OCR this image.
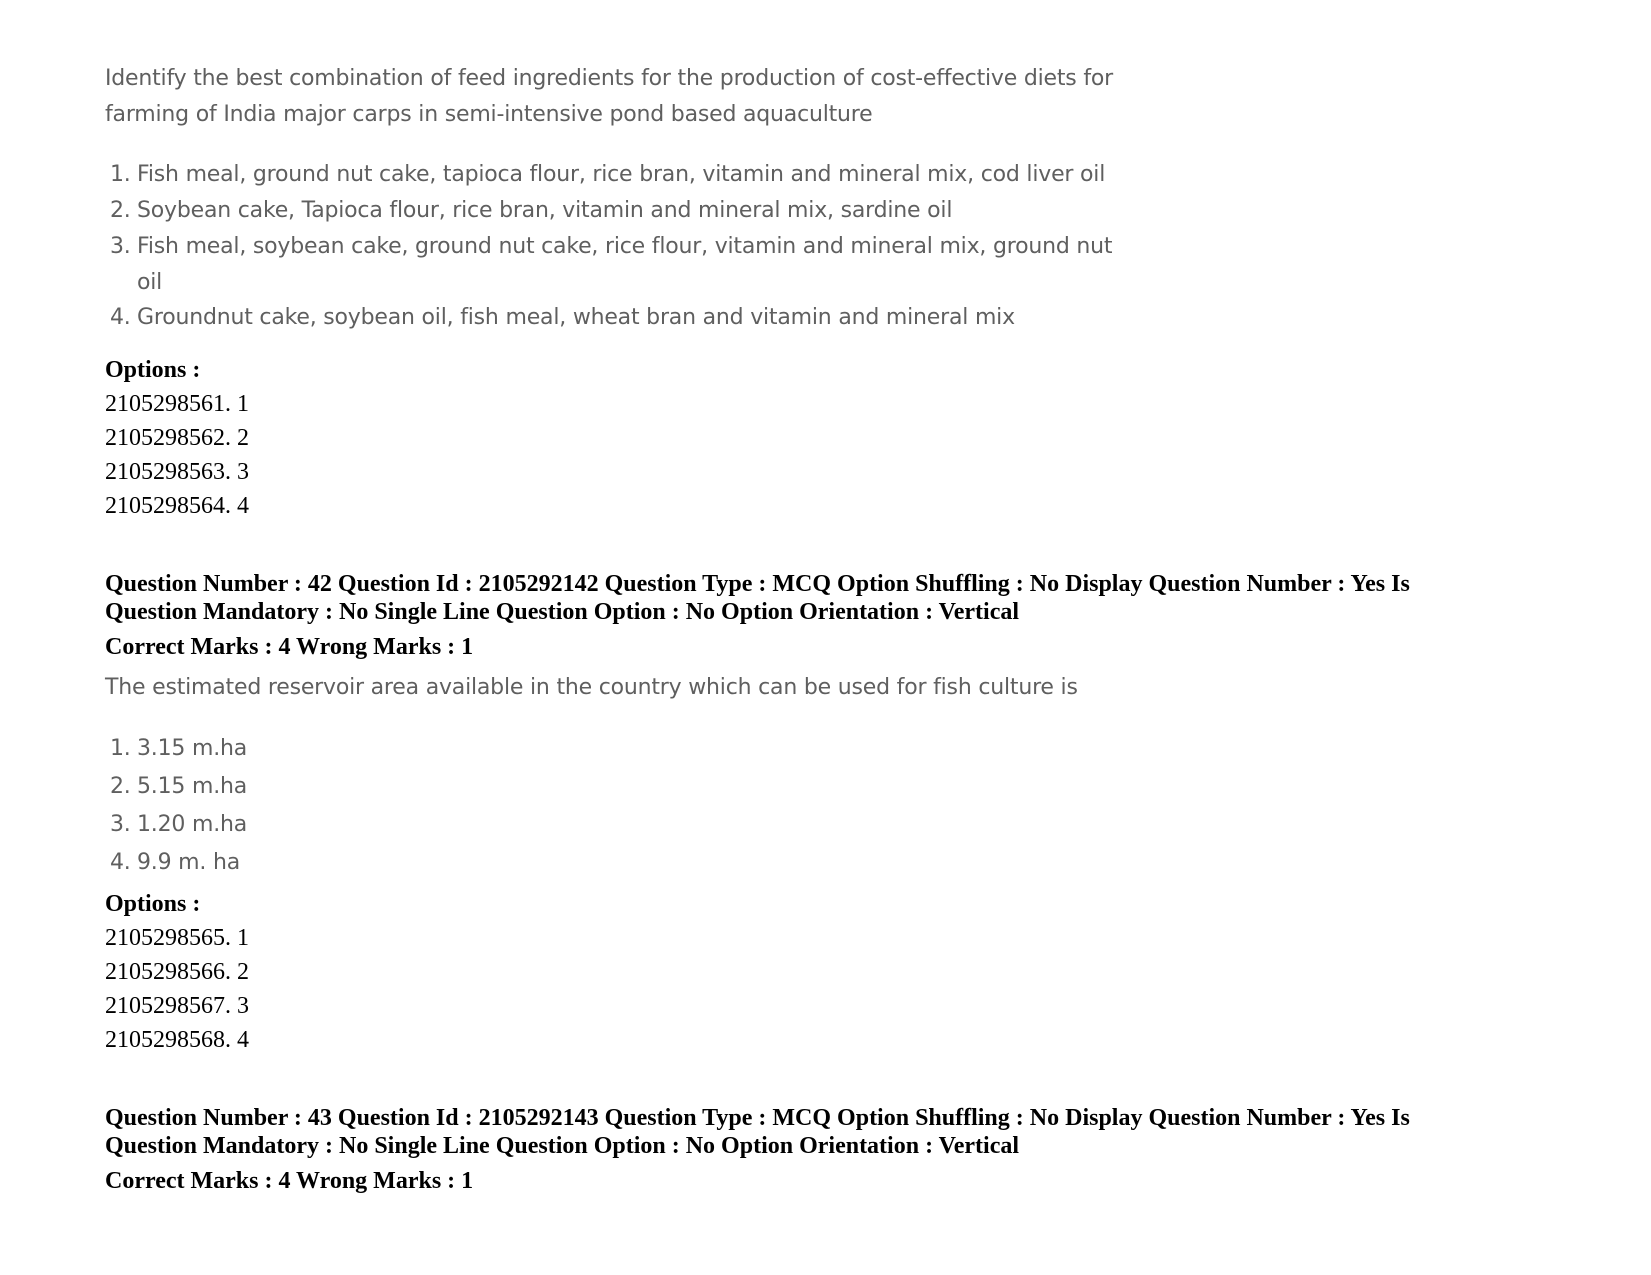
Identify the best combination of feed ingredients for the production of cost-effective diets for
farming of India major carps in semi-intensive pond based aquaculture
1. Fish meal, ground nut cake, tapioca flour, rice bran, vitamin and mineral mix, cod liver oil
2. Soybean cake, Tapioca flour, rice bran, vitamin and mineral mix, sardine oil
3. Fish meal, soybean cake, ground nut cake, rice flour, vitamin and mineral mix, ground nut
oil
4. Groundnut cake, soybean oil, fish meal, wheat bran and vitamin and mineral mix
Options :
2105298561. 1
2105298562. 2
2105298563. 3
2105298564. 4
Question Number : 42 Question Id : 2105292142 Question Type : MCQ Option Shuffling : No Display Question Number : Yes Is
Question Mandatory : No Single Line Question Option : No Option Orientation : Vertical
Correct Marks : 4 Wrong Marks : 1
The estimated reservoir area available in the country which can be used for fish culture is
1. 3.15 m.ha
2. 5.15 m.ha
3. 1.20 m.ha
4. 9.9 m. ha
Options :
2105298565. 1
2105298566. 2
2105298567. 3
2105298568. 4
Question Number : 43 Question Id : 2105292143 Question Type : MCQ Option Shuffling : No Display Question Number : Yes Is
Question Mandatory : No Single Line Question Option : No Option Orientation : Vertical
Correct Marks : 4 Wrong Marks : 1
